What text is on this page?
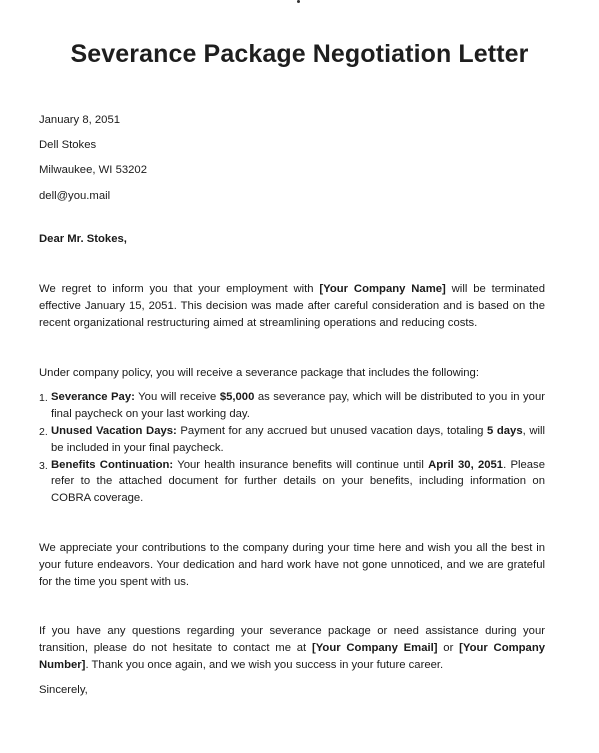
Severance Package Negotiation Letter
January 8, 2051
Dell Stokes
Milwaukee, WI 53202
dell@you.mail
Dear Mr. Stokes,

We regret to inform you that your employment with [Your Company Name] will be terminated effective January 15, 2051. This decision was made after careful consideration and is based on the recent organizational restructuring aimed at streamlining operations and reducing costs.

Under company policy, you will receive a severance package that includes the following:

1. Severance Pay: You will receive $5,000 as severance pay, which will be distributed to you in your final paycheck on your last working day.
2. Unused Vacation Days: Payment for any accrued but unused vacation days, totaling 5 days, will be included in your final paycheck.
3. Benefits Continuation: Your health insurance benefits will continue until April 30, 2051. Please refer to the attached document for further details on your benefits, including information on COBRA coverage.

We appreciate your contributions to the company during your time here and wish you all the best in your future endeavors. Your dedication and hard work have not gone unnoticed, and we are grateful for the time you spent with us.

If you have any questions regarding your severance package or need assistance during your transition, please do not hesitate to contact me at [Your Company Email] or [Your Company Number]. Thank you once again, and we wish you success in your future career.

Sincerely,
